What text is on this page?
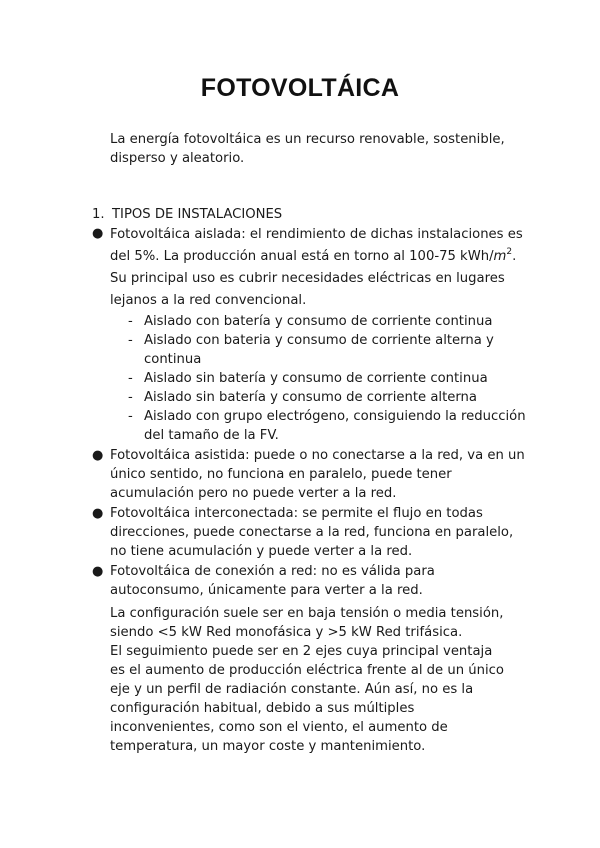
FOTOVOLTÁICA
La energía fotovoltáica es un recurso renovable, sostenible, disperso y aleatorio.
1. TIPOS DE INSTALACIONES
● Fotovoltáica aislada: el rendimiento de dichas instalaciones es del 5%. La producción anual está en torno al 100-75 kWh/$m^2$. Su principal uso es cubrir necesidades eléctricas en lugares lejanos a la red convencional.
- Aislado con batería y consumo de corriente continua
- Aislado con bateria y consumo de corriente alterna y continua
- Aislado sin batería y consumo de corriente continua
- Aislado sin batería y consumo de corriente alterna
- Aislado con grupo electrógeno, consiguiendo la reducción del tamaño de la FV.
● Fotovoltáica asistida: puede o no conectarse a la red, va en un único sentido, no funciona en paralelo, puede tener acumulación pero no puede verter a la red.
● Fotovoltáica interconectada: se permite el flujo en todas direcciones, puede conectarse a la red, funciona en paralelo, no tiene acumulación y puede verter a la red.
● Fotovoltáica de conexión a red: no es válida para autoconsumo, únicamente para verter a la red.
La configuración suele ser en baja tensión o media tensión, siendo <5 kW Red monofásica y >5 kW Red trifásica.
El seguimiento puede ser en 2 ejes cuya principal ventaja es el aumento de producción eléctrica frente al de un único eje y un perfil de radiación constante. Aún así, no es la configuración habitual, debido a sus múltiples inconvenientes, como son el viento, el aumento de temperatura, un mayor coste y mantenimiento.
